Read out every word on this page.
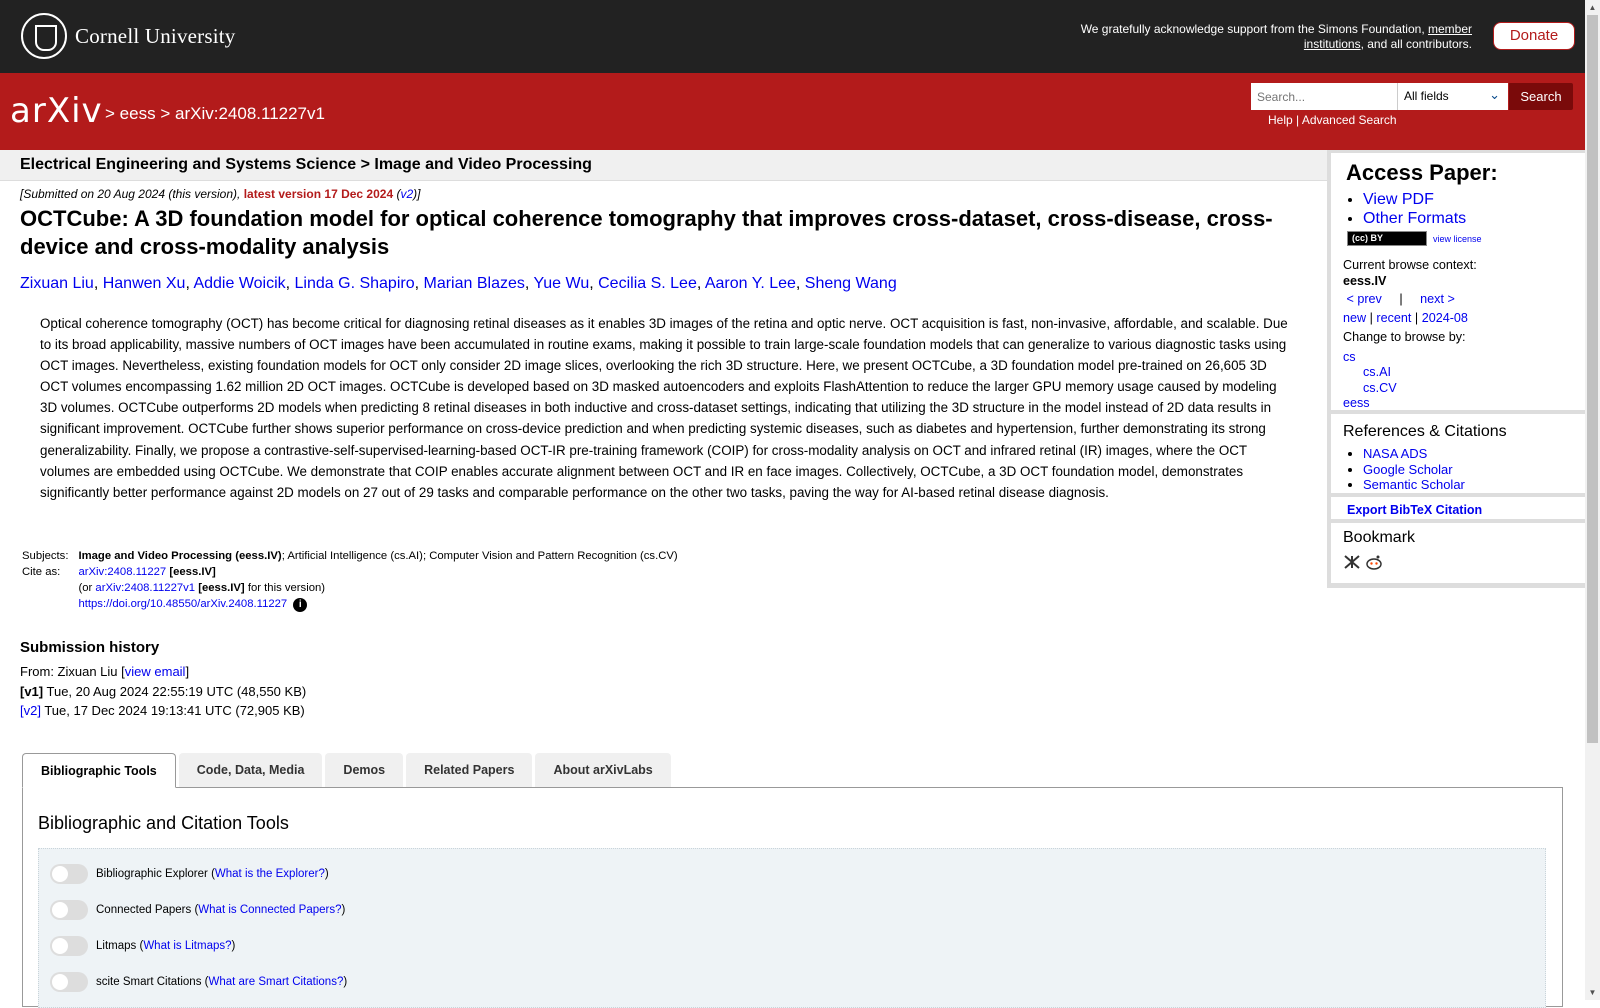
Cornell University	We gratefully acknowledge support from the Simons Foundation, member institutions, and all contributors.	Donate
arXiv > eess > arXiv:2408.11227v1
Search...
All fields	⌄	Search
Help | Advanced Search
Electrical Engineering and Systems Science > Image and Video Processing
[Submitted on 20 Aug 2024 (this version), latest version 17 Dec 2024 (v2)]
OCTCube: A 3D foundation model for optical coherence tomography that improves cross-dataset, cross-disease, cross-device and cross-modality analysis
Zixuan Liu, Hanwen Xu, Addie Woicik, Linda G. Shapiro, Marian Blazes, Yue Wu, Cecilia S. Lee, Aaron Y. Lee, Sheng Wang

Optical coherence tomography (OCT) has become critical for diagnosing retinal diseases as it enables 3D images of the retina and optic nerve. OCT acquisition is fast, non-invasive, affordable, and scalable. Due to its broad applicability, massive numbers of OCT images have been accumulated in routine exams, making it possible to train large-scale foundation models that can generalize to various diagnostic tasks using OCT images. Nevertheless, existing foundation models for OCT only consider 2D image slices, overlooking the rich 3D structure. Here, we present OCTCube, a 3D foundation model pre-trained on 26,605 3D OCT volumes encompassing 1.62 million 2D OCT images. OCTCube is developed based on 3D masked autoencoders and exploits FlashAttention to reduce the larger GPU memory usage caused by modeling 3D volumes. OCTCube outperforms 2D models when predicting 8 retinal diseases in both inductive and cross-dataset settings, indicating that utilizing the 3D structure in the model instead of 2D data results in significant improvement. OCTCube further shows superior performance on cross-device prediction and when predicting systemic diseases, such as diabetes and hypertension, further demonstrating its strong generalizability. Finally, we propose a contrastive-self-supervised-learning-based OCT-IR pre-training framework (COIP) for cross-modality analysis on OCT and infrared retinal (IR) images, where the OCT volumes are embedded using OCTCube. We demonstrate that COIP enables accurate alignment between OCT and IR en face images. Collectively, OCTCube, a 3D OCT foundation model, demonstrates significantly better performance against 2D models on 27 out of 29 tasks and comparable performance on the other two tasks, paving the way for AI-based retinal disease diagnosis.

Subjects:	Image and Video Processing (eess.IV); Artificial Intelligence (cs.AI); Computer Vision and Pattern Recognition (cs.CV)
Cite as:	arXiv:2408.11227 [eess.IV]
	(or arXiv:2408.11227v1 [eess.IV] for this version)
	https://doi.org/10.48550/arXiv.2408.11227 i
Submission history
From: Zixuan Liu [view email]
[v1] Tue, 20 Aug 2024 22:55:19 UTC (48,550 KB)
[v2] Tue, 17 Dec 2024 19:13:41 UTC (72,905 KB)
Bibliographic Tools	Code, Data, Media	Demos	Related Papers	About arXivLabs
Bibliographic and Citation Tools
Bibliographic Explorer ( What is the Explorer? )
Connected Papers ( What is Connected Papers? )
Litmaps ( What is Litmaps? )
scite Smart Citations ( What are Smart Citations? )
Access Paper:
• View PDF
• Other Formats
(cc) BY	view license
Current browse context:
eess.IV
< prev | next >
new | recent | 2024-08
Change to browse by:
cs
cs.AI
cs.CV
eess
References & Citations
• NASA ADS
• Google Scholar
• Semantic Scholar
Export BibTeX Citation
Bookmark
▲
▼
